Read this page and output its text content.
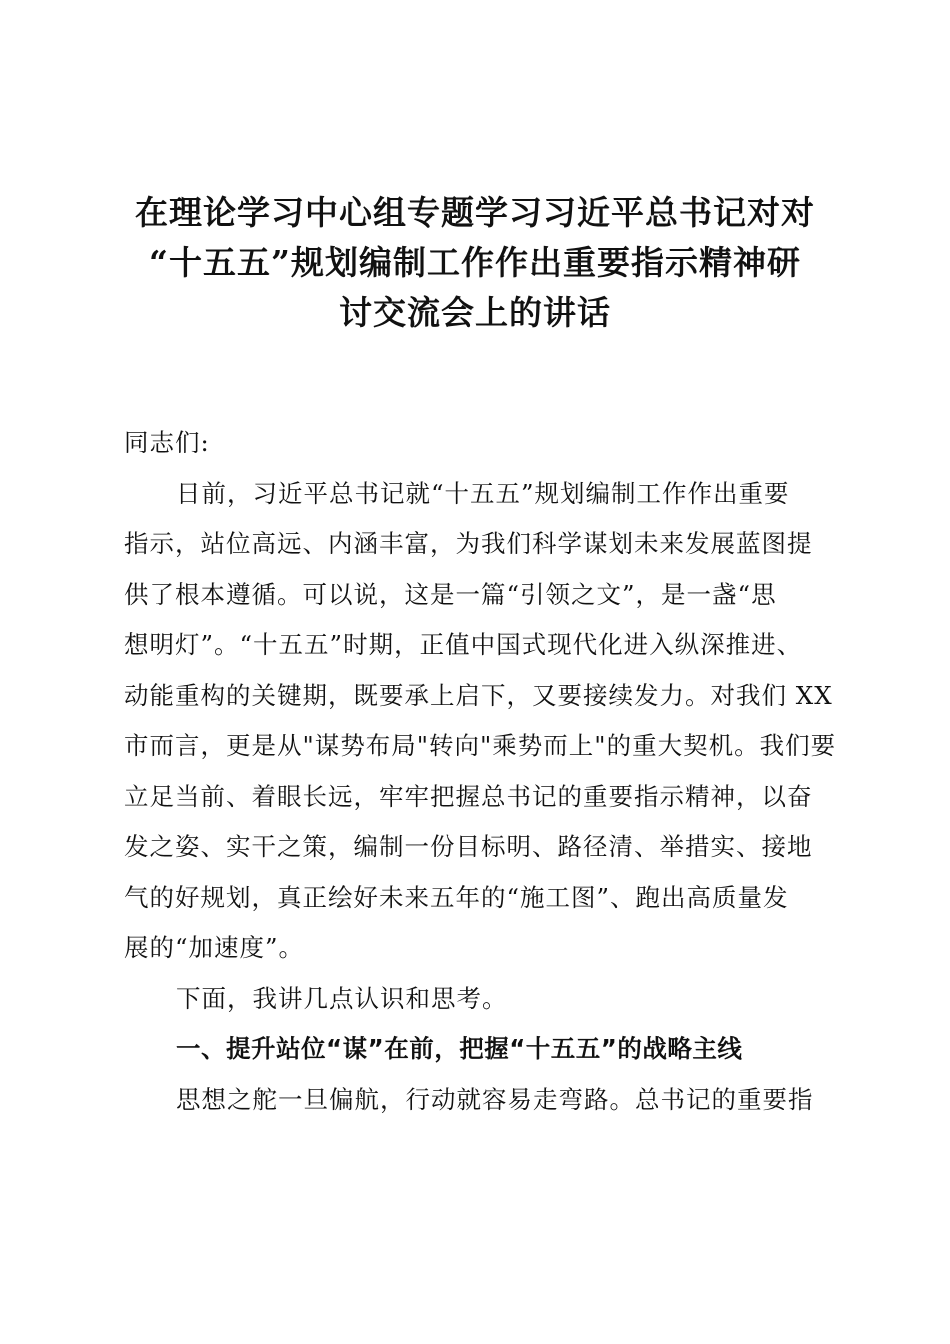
在理论学习中心组专题学习习近平总书记对对
“十五五”规划编制工作作出重要指示精神研
讨交流会上的讲话
同志们:
日前，习近平总书记就“十五五”规划编制工作作出重要
指示，站位高远、内涵丰富，为我们科学谋划未来发展蓝图提
供了根本遵循。可以说，这是一篇“引领之文”，是一盏“思
想明灯”。“十五五”时期，正值中国式现代化进入纵深推进、
动能重构的关键期，既要承上启下，又要接续发力。对我们 XX
市而言，更是从"谋势布局"转向"乘势而上"的重大契机。我们要
立足当前、着眼长远，牢牢把握总书记的重要指示精神，以奋
发之姿、实干之策，编制一份目标明、路径清、举措实、接地
气的好规划，真正绘好未来五年的“施工图”、跑出高质量发
展的“加速度”。
下面，我讲几点认识和思考。
一、提升站位“谋”在前，把握“十五五”的战略主线
思想之舵一旦偏航，行动就容易走弯路。总书记的重要指
